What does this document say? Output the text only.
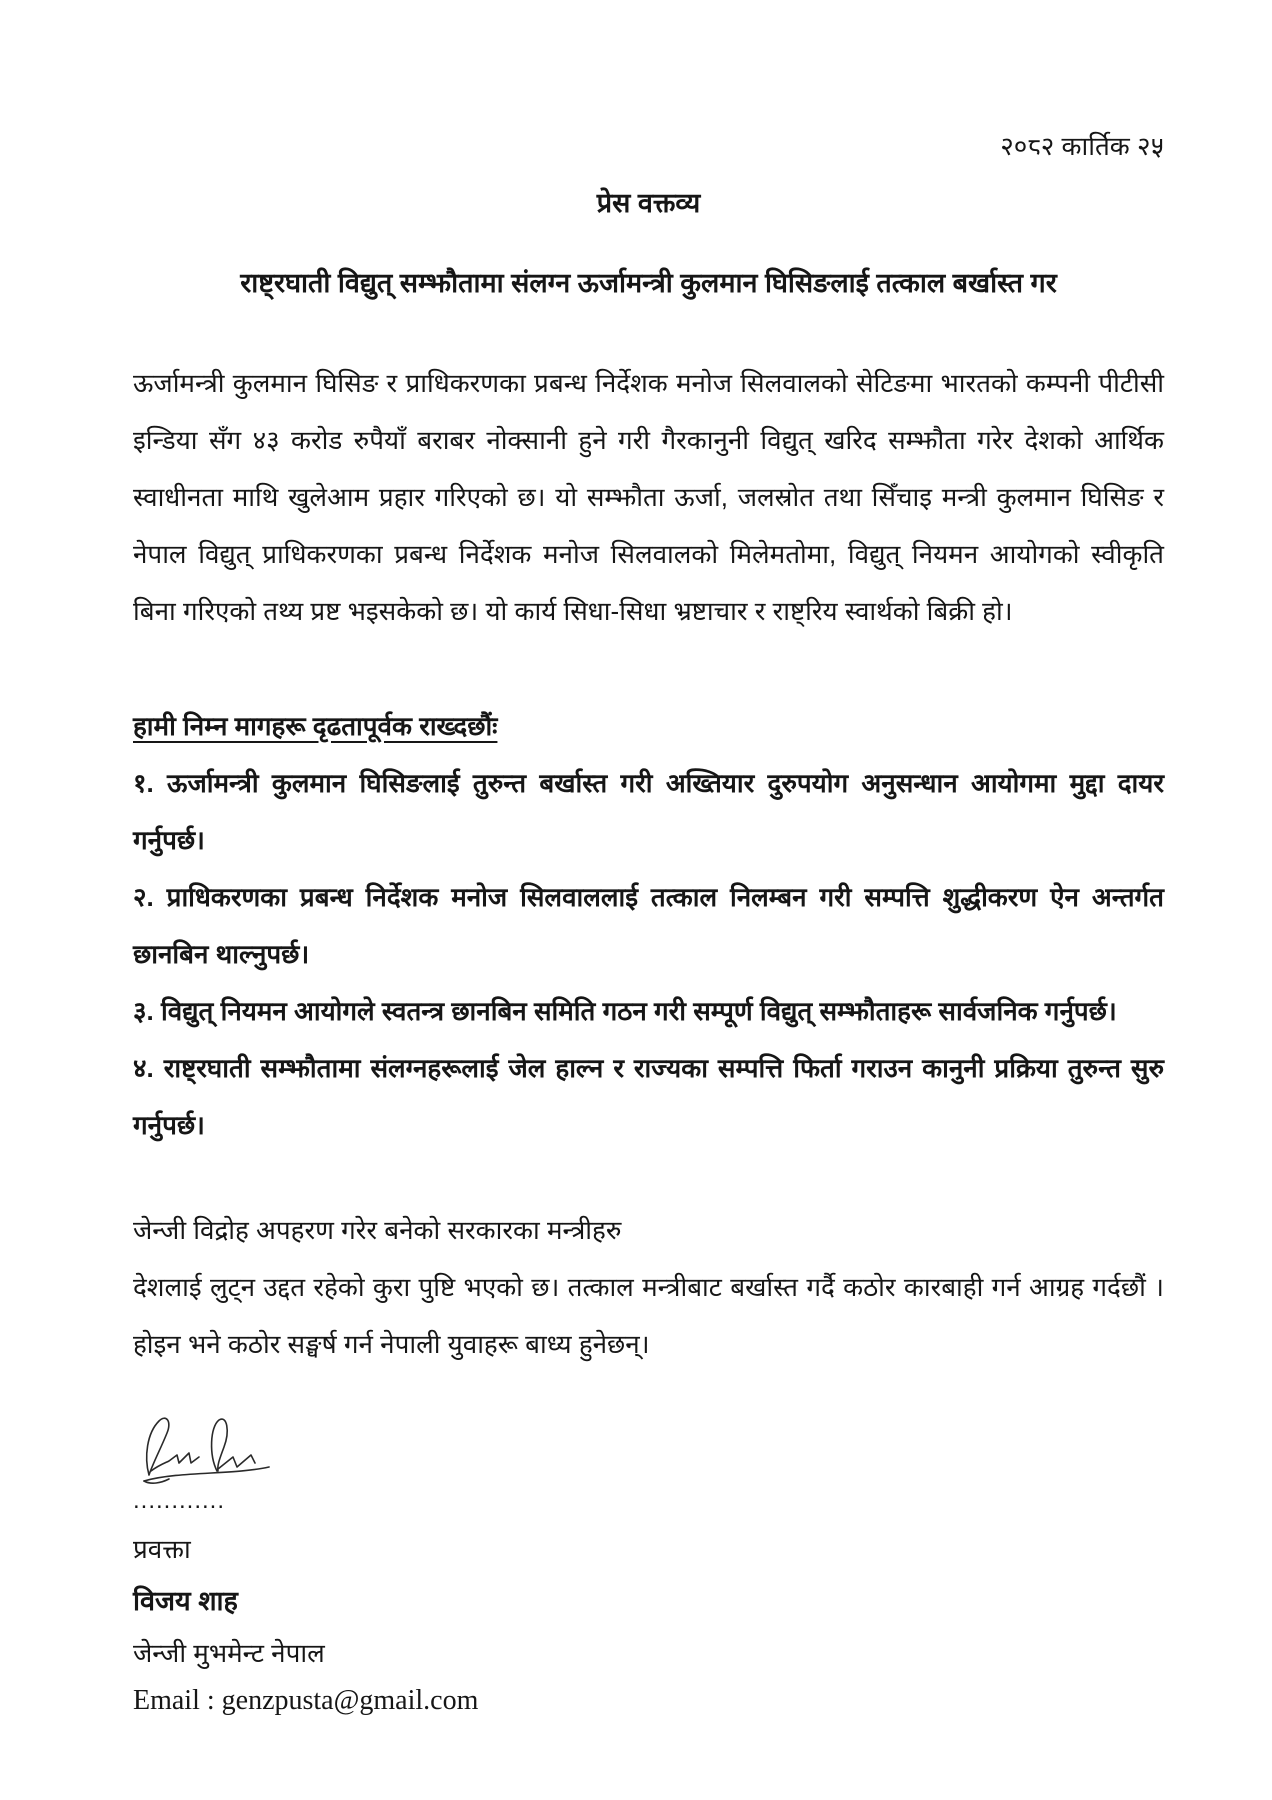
२०८२ कार्तिक २५
प्रेस वक्तव्य
राष्ट्रघाती विद्युत् सम्झौतामा संलग्न ऊर्जामन्त्री कुलमान घिसिङलाई तत्काल बर्खास्त गर

ऊर्जामन्त्री कुलमान घिसिङ र प्राधिकरणका प्रबन्ध निर्देशक मनोज सिलवालको सेटिङमा भारतको कम्पनी पीटीसी इन्डिया सँग ४३ करोड रुपैयाँ बराबर नोक्सानी हुने गरी गैरकानुनी विद्युत् खरिद सम्झौता गरेर देशको आर्थिक स्वाधीनता माथि खुलेआम प्रहार गरिएको छ। यो सम्झौता ऊर्जा, जलस्रोत तथा सिँचाइ मन्त्री कुलमान घिसिङ र नेपाल विद्युत् प्राधिकरणका प्रबन्ध निर्देशक मनोज सिलवालको मिलेमतोमा, विद्युत् नियमन आयोगको स्वीकृति बिना गरिएको तथ्य प्रष्ट भइसकेको छ। यो कार्य सिधा-सिधा भ्रष्टाचार र राष्ट्रिय स्वार्थको बिक्री हो।

हामी निम्न मागहरू दृढतापूर्वक राख्दछौंः

१. ऊर्जामन्त्री कुलमान घिसिङलाई तुरुन्त बर्खास्त गरी अख्तियार दुरुपयोग अनुसन्धान आयोगमा मुद्दा दायर गर्नुपर्छ।

२. प्राधिकरणका प्रबन्ध निर्देशक मनोज सिलवाललाई तत्काल निलम्बन गरी सम्पत्ति शुद्धीकरण ऐन अन्तर्गत छानबिन थाल्नुपर्छ।

३. विद्युत् नियमन आयोगले स्वतन्त्र छानबिन समिति गठन गरी सम्पूर्ण विद्युत् सम्झौताहरू सार्वजनिक गर्नुपर्छ।

४. राष्ट्रघाती सम्झौतामा संलग्नहरूलाई जेल हाल्न र राज्यका सम्पत्ति फिर्ता गराउन कानुनी प्रक्रिया तुरुन्त सुरु गर्नुपर्छ।

जेन्जी विद्रोह अपहरण गरेर बनेको सरकारका मन्त्रीहरु
देशलाई लुट्न उद्दत रहेको कुरा पुष्टि भएको छ। तत्काल मन्त्रीबाट बर्खास्त गर्दै कठोर कारबाही गर्न आग्रह गर्दछौं । होइन भने कठोर सङ्घर्ष गर्न नेपाली युवाहरू बाध्य हुनेछन्।

............
प्रवक्ता
विजय शाह
जेन्जी मुभमेन्ट नेपाल
Email : genzpusta@gmail.com
